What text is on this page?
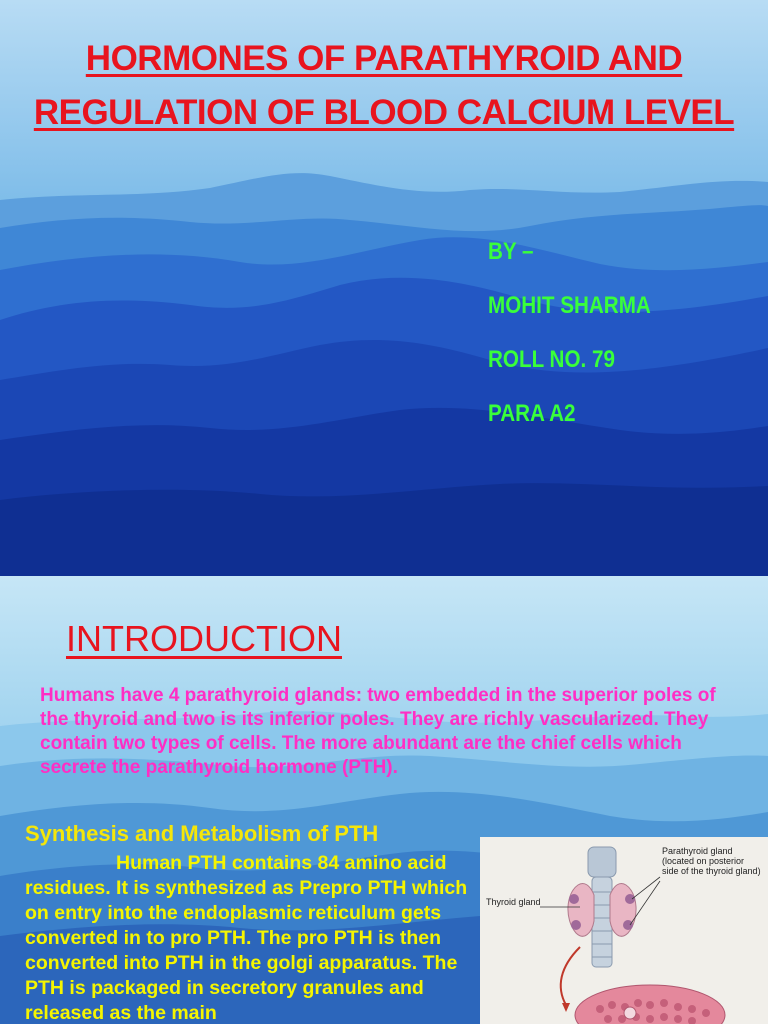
HORMONES OF PARATHYROID AND REGULATION OF BLOOD CALCIUM LEVEL
BY –
MOHIT SHARMA
ROLL NO. 79
PARA A2
INTRODUCTION
Humans have 4 parathyroid glands: two embedded in the superior poles of the thyroid and two is its inferior poles. They are richly vascularized. They contain two types of cells. The more abundant are the chief cells which secrete the parathyroid hormone (PTH).
Synthesis and Metabolism of PTH
Human PTH contains 84 amino acid residues. It is synthesized as Prepro PTH which on entry into the endoplasmic reticulum gets converted in to pro PTH. The pro PTH is then converted into PTH in the golgi apparatus. The PTH is packaged in secretory granules and released as the main
Thyroid gland
Parathyroid gland (located on posterior side of the thyroid gland)
